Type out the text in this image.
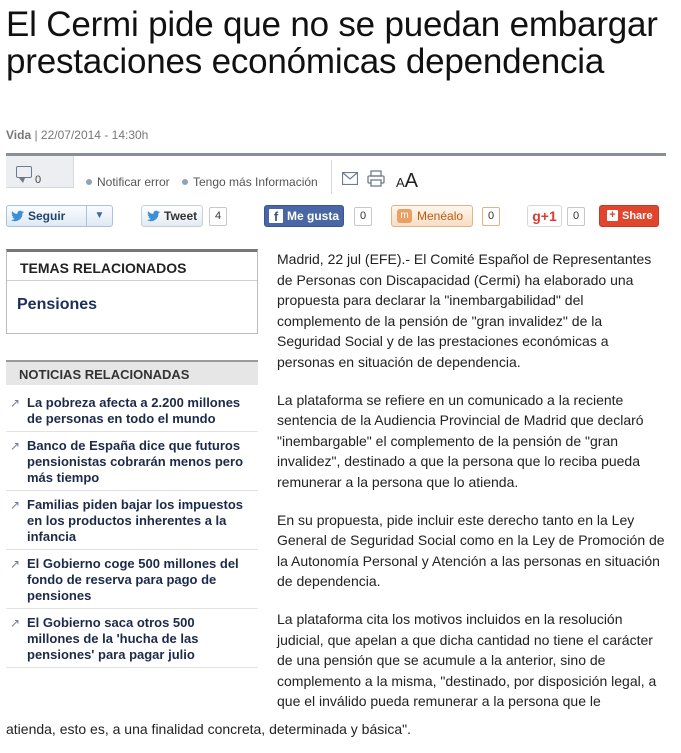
El Cermi pide que no se puedan embargar prestaciones económicas dependencia
Vida | 22/07/2014 - 14:30h
0	Notificar error	Tengo más Información	AA
Seguir	▼	Tweet	4	f Me gusta	0	m Menéalo	0	g+1	0	+ Share
TEMAS RELACIONADOS
Pensiones
NOTICIAS RELACIONADAS
↗ La pobreza afecta a 2.200 millones de personas en todo el mundo
↗ Banco de España dice que futuros pensionistas cobrarán menos pero más tiempo
↗ Familias piden bajar los impuestos en los productos inherentes a la infancia
↗ El Gobierno coge 500 millones del fondo de reserva para pago de pensiones
↗ El Gobierno saca otros 500 millones de la 'hucha de las pensiones' para pagar julio

Madrid, 22 jul (EFE).- El Comité Español de Representantes de Personas con Discapacidad (Cermi) ha elaborado una propuesta para declarar la "inembargabilidad" del complemento de la pensión de "gran invalidez" de la Seguridad Social y de las prestaciones económicas a personas en situación de dependencia.

La plataforma se refiere en un comunicado a la reciente sentencia de la Audiencia Provincial de Madrid que declaró "inembargable" el complemento de la pensión de "gran invalidez", destinado a que la persona que lo reciba pueda remunerar a la persona que lo atienda.

En su propuesta, pide incluir este derecho tanto en la Ley General de Seguridad Social como en la Ley de Promoción de la Autonomía Personal y Atención a las personas en situación de dependencia.

La plataforma cita los motivos incluidos en la resolución judicial, que apelan a que dicha cantidad no tiene el carácter de una pensión que se acumule a la anterior, sino de complemento a la misma, "destinado, por disposición legal, a que el inválido pueda remunerar a la persona que le

atienda, esto es, a una finalidad concreta, determinada y básica".
